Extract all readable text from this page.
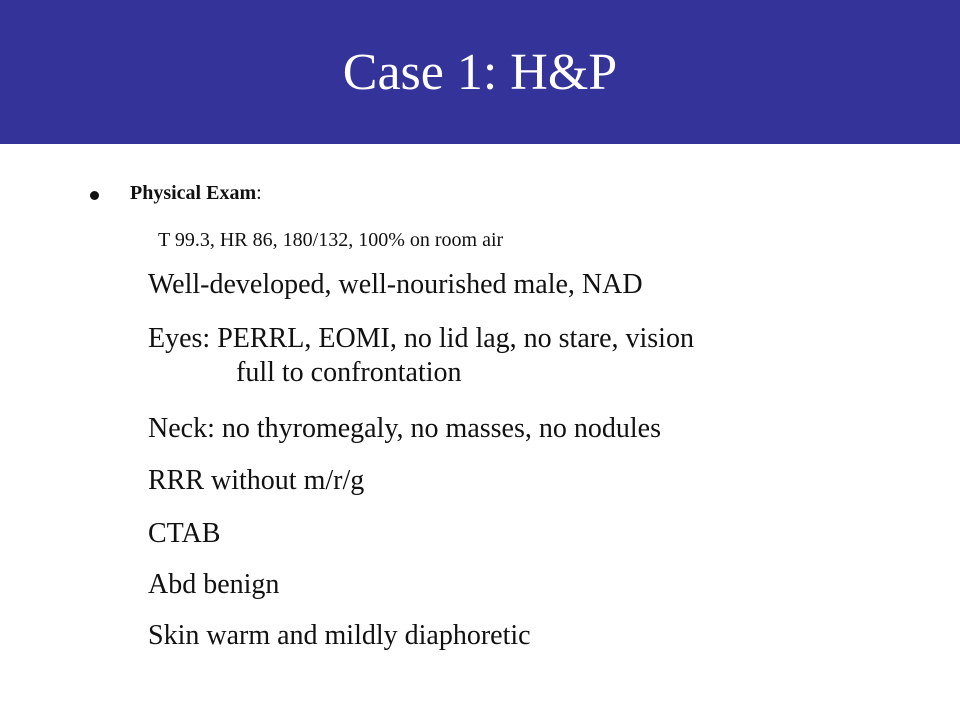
Case 1: H&P
Physical Exam:
T 99.3, HR 86, 180/132, 100% on room air
Well-developed, well-nourished male, NAD
Eyes: PERRL, EOMI, no lid lag, no stare, vision
full to confrontation
Neck: no thyromegaly, no masses, no nodules
RRR without m/r/g
CTAB
Abd benign
Skin warm and mildly diaphoretic
